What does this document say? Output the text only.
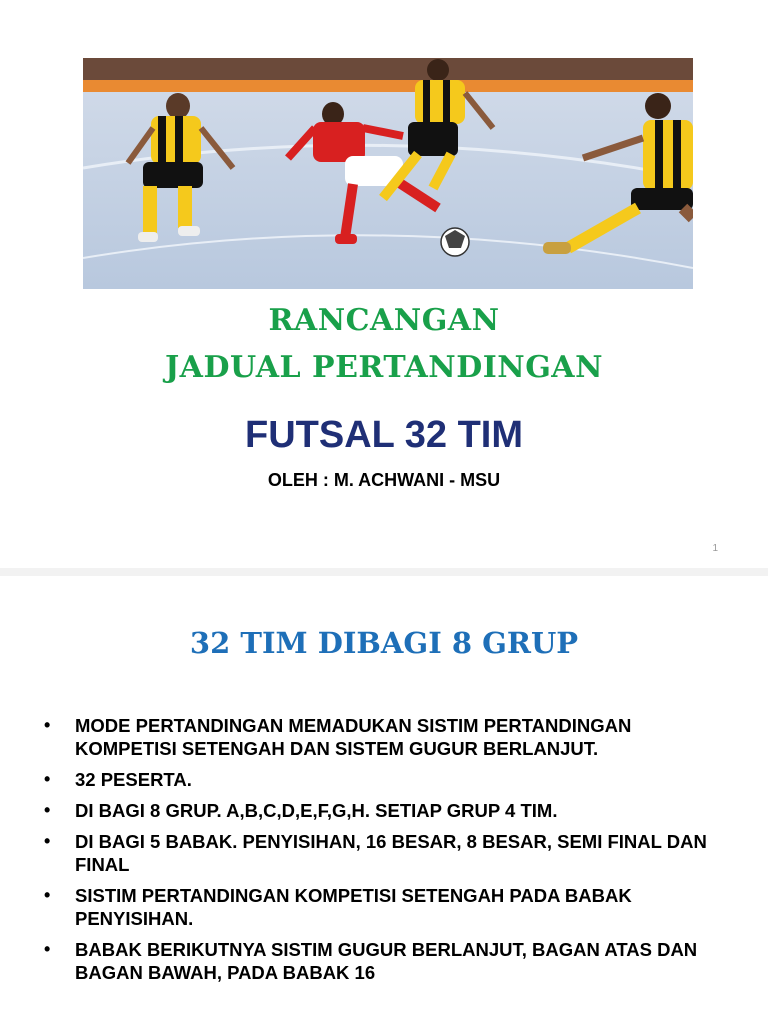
RANCANGAN
JADUAL PERTANDINGAN
FUTSAL 32 TIM
OLEH : M. ACHWANI - MSU
1
32 TIM DIBAGI 8 GRUP
• MODE PERTANDINGAN MEMADUKAN SISTIM PERTANDINGAN KOMPETISI SETENGAH DAN SISTEM GUGUR BERLANJUT.
• 32 PESERTA.
• DI BAGI 8 GRUP. A,B,C,D,E,F,G,H. SETIAP GRUP 4 TIM.
• DI BAGI 5 BABAK. PENYISIHAN, 16 BESAR, 8 BESAR, SEMI FINAL DAN FINAL
• SISTIM PERTANDINGAN KOMPETISI SETENGAH PADA BABAK PENYISIHAN.
• BABAK BERIKUTNYA SISTIM GUGUR BERLANJUT, BAGAN ATAS DAN BAGAN BAWAH, PADA BABAK 16
